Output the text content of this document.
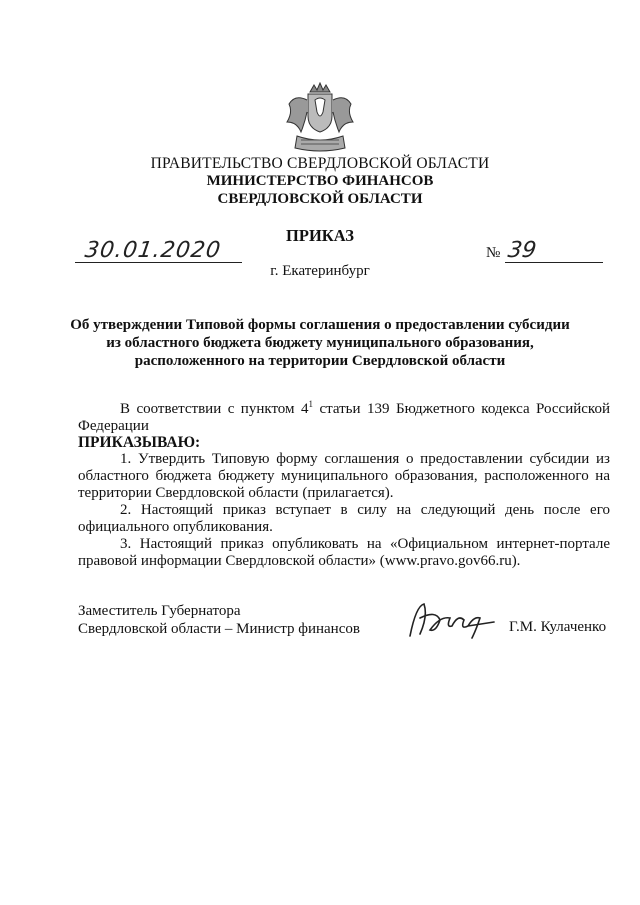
ПРАВИТЕЛЬСТВО СВЕРДЛОВСКОЙ ОБЛАСТИ
МИНИСТЕРСТВО ФИНАНСОВ
СВЕРДЛОВСКОЙ ОБЛАСТИ
ПРИКАЗ
30.01.2020	№ 39
г. Екатеринбург
Об утверждении Типовой формы соглашения о предоставлении субсидии
из областного бюджета бюджету муниципального образования,
расположенного на территории Свердловской области
В соответствии с пунктом $4^1$ статьи 139 Бюджетного кодекса Российской Федерации
ПРИКАЗЫВАЮ:

1. Утвердить Типовую форму соглашения о предоставлении субсидии из областного бюджета бюджету муниципального образования, расположенного на территории Свердловской области (прилагается).

2. Настоящий приказ вступает в силу на следующий день после его официального опубликования.

3. Настоящий приказ опубликовать на «Официальном интернет-портале правовой информации Свердловской области» (www.pravo.gov66.ru).

Заместитель Губернатора
Свердловской области – Министр финансов	Г.М. Кулаченко
